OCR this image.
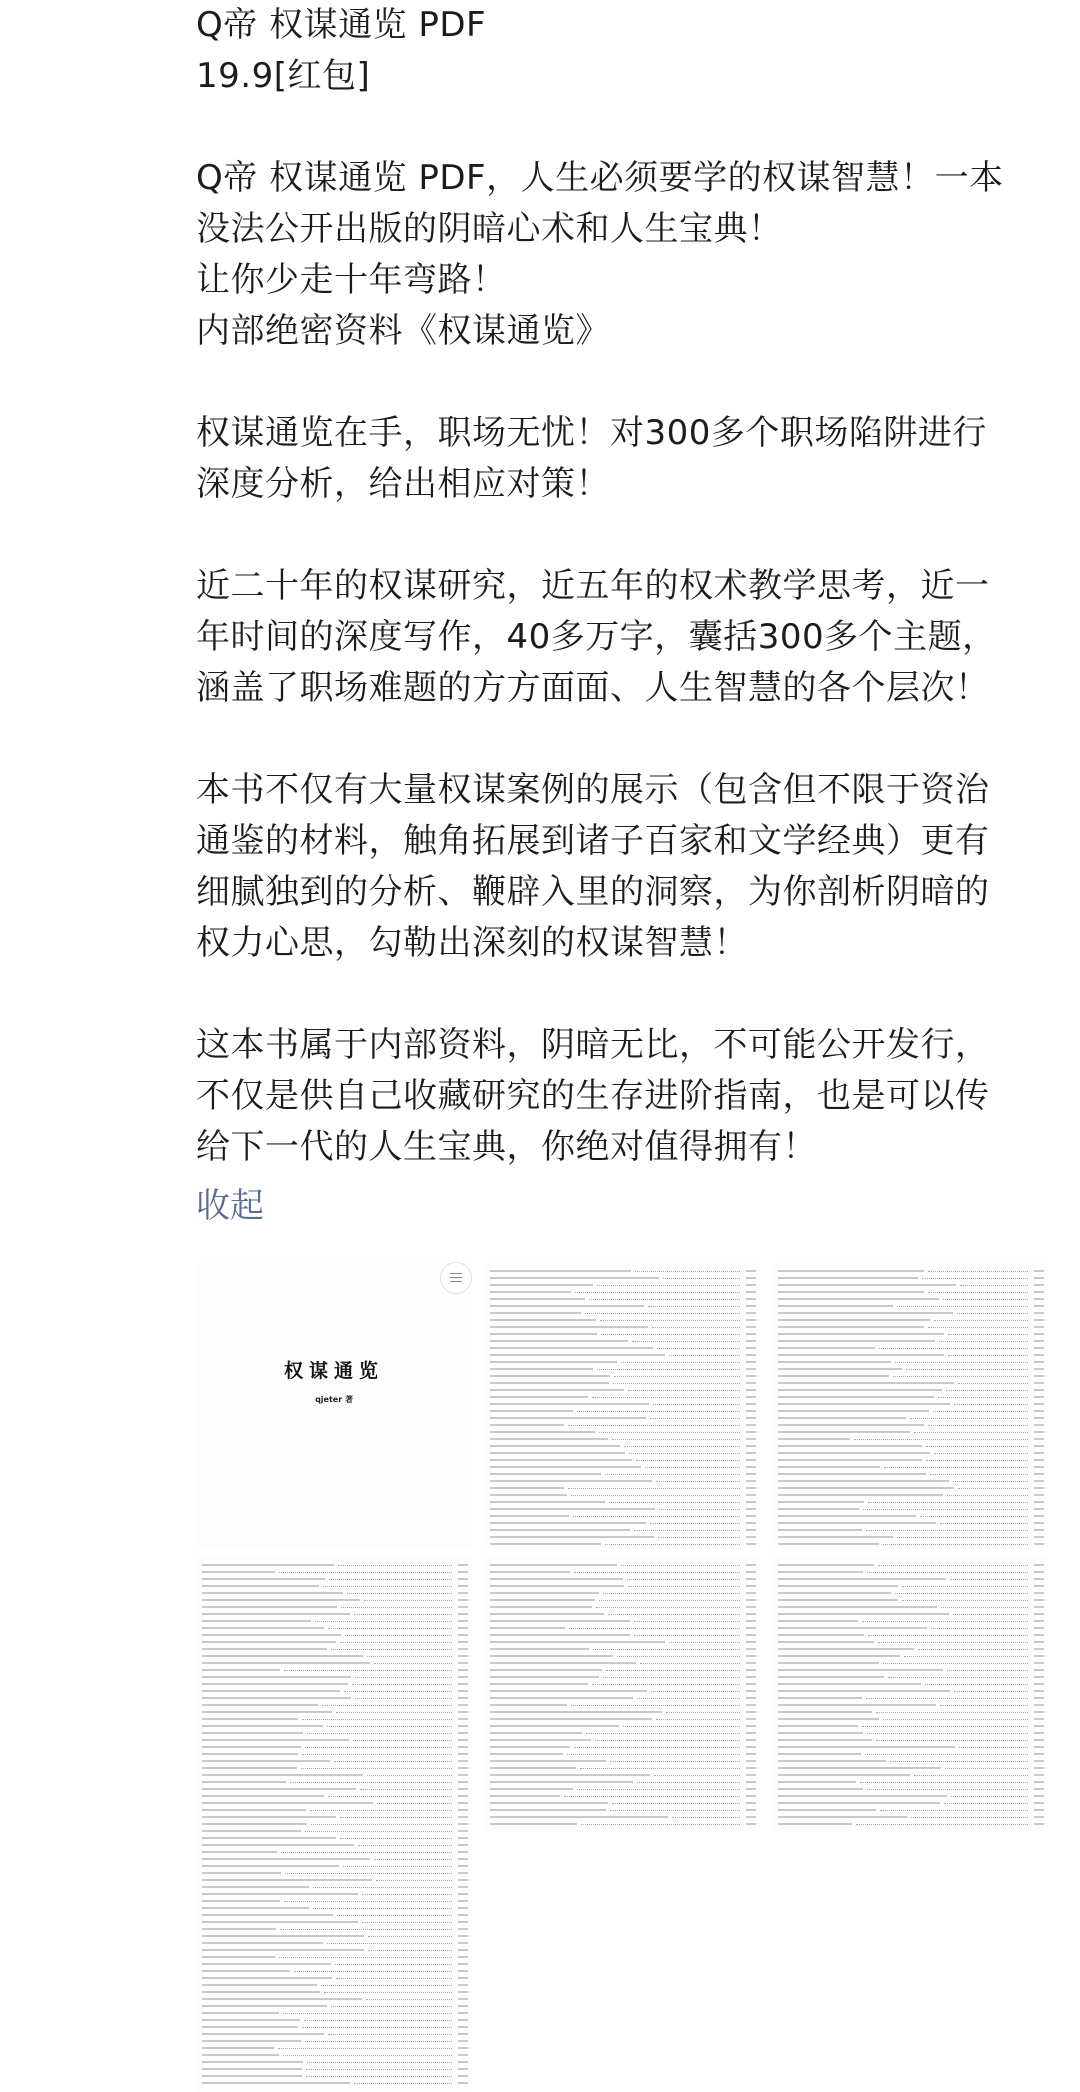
Q帝 权谋通览 PDF
19.9[红包]
Q帝 权谋通览 PDF，人生必须要学的权谋智慧！一本
没法公开出版的阴暗心术和人生宝典！
让你少走十年弯路！
内部绝密资料《权谋通览》
权谋通览在手，职场无忧！对300多个职场陷阱进行
深度分析，给出相应对策！
近二十年的权谋研究，近五年的权术教学思考，近一
年时间的深度写作，40多万字，囊括300多个主题，
涵盖了职场难题的方方面面、人生智慧的各个层次！
本书不仅有大量权谋案例的展示（包含但不限于资治
通鉴的材料，触角拓展到诸子百家和文学经典）更有
细腻独到的分析、鞭辟入里的洞察，为你剖析阴暗的
权力心思，勾勒出深刻的权谋智慧！
这本书属于内部资料，阴暗无比，不可能公开发行，
不仅是供自己收藏研究的生存进阶指南，也是可以传
给下一代的人生宝典，你绝对值得拥有！
收起
权谋通览
qjeter 著
